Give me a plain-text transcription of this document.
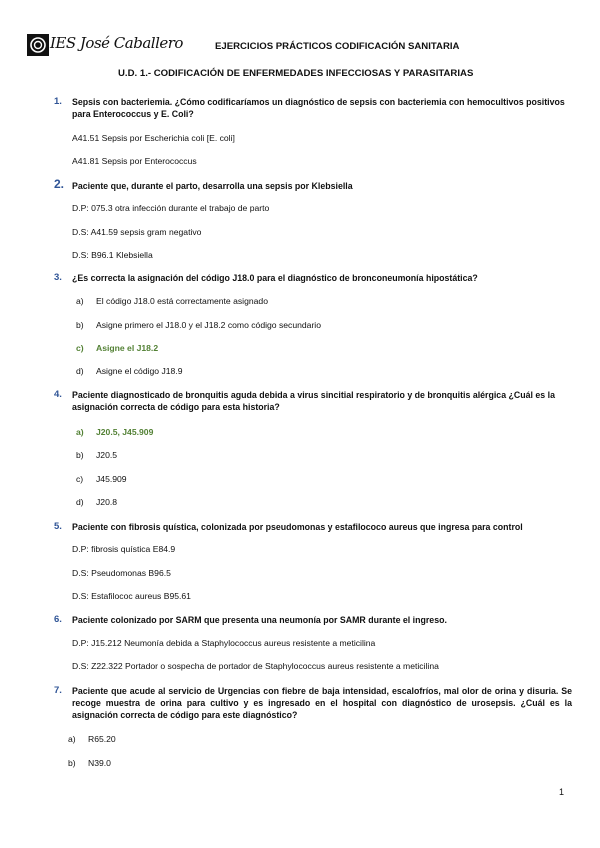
IES José Caballero	EJERCICIOS PRÁCTICOS CODIFICACIÓN SANITARIA
U.D. 1.- CODIFICACIÓN DE ENFERMEDADES INFECCIOSAS Y PARASITARIAS
1. Sepsis con bacteriemia. ¿Cómo codificaríamos un diagnóstico de sepsis con bacteriemia con hemocultivos positivos para Enterococcus y E. Coli?
A41.51 Sepsis por Escherichia coli [E. coli]
A41.81 Sepsis por Enterococcus
2. Paciente que, durante el parto, desarrolla una sepsis por Klebsiella
D.P: 075.3 otra infección durante el trabajo de parto
D.S: A41.59 sepsis gram negativo
D.S: B96.1 Klebsiella
3. ¿Es correcta la asignación del código J18.0 para el diagnóstico de bronconeumonía hipostática?
a) El código J18.0 está correctamente asignado
b) Asigne primero el J18.0 y el J18.2 como código secundario
c) Asigne el J18.2
d) Asigne el código J18.9
4. Paciente diagnosticado de bronquitis aguda debida a virus sincitial respiratorio y de bronquitis alérgica ¿Cuál es la asignación correcta de código para esta historia?
a) J20.5, J45.909
b) J20.5
c) J45.909
d) J20.8
5. Paciente con fibrosis quística, colonizada por pseudomonas y estafilococo aureus que ingresa para control
D.P: fibrosis quística E84.9
D.S: Pseudomonas B96.5
D.S: Estafilococ aureus B95.61
6. Paciente colonizado por SARM que presenta una neumonía por SAMR durante el ingreso.
D.P: J15.212 Neumonía debida a Staphylococcus aureus resistente a meticilina
D.S: Z22.322 Portador o sospecha de portador de Staphylococcus aureus resistente a meticilina
7. Paciente que acude al servicio de Urgencias con fiebre de baja intensidad, escalofríos, mal olor de orina y disuria. Se recoge muestra de orina para cultivo y es ingresado en el hospital con diagnóstico de urosepsis. ¿Cuál es la asignación correcta de código para este diagnóstico?
a) R65.20
b) N39.0
1
